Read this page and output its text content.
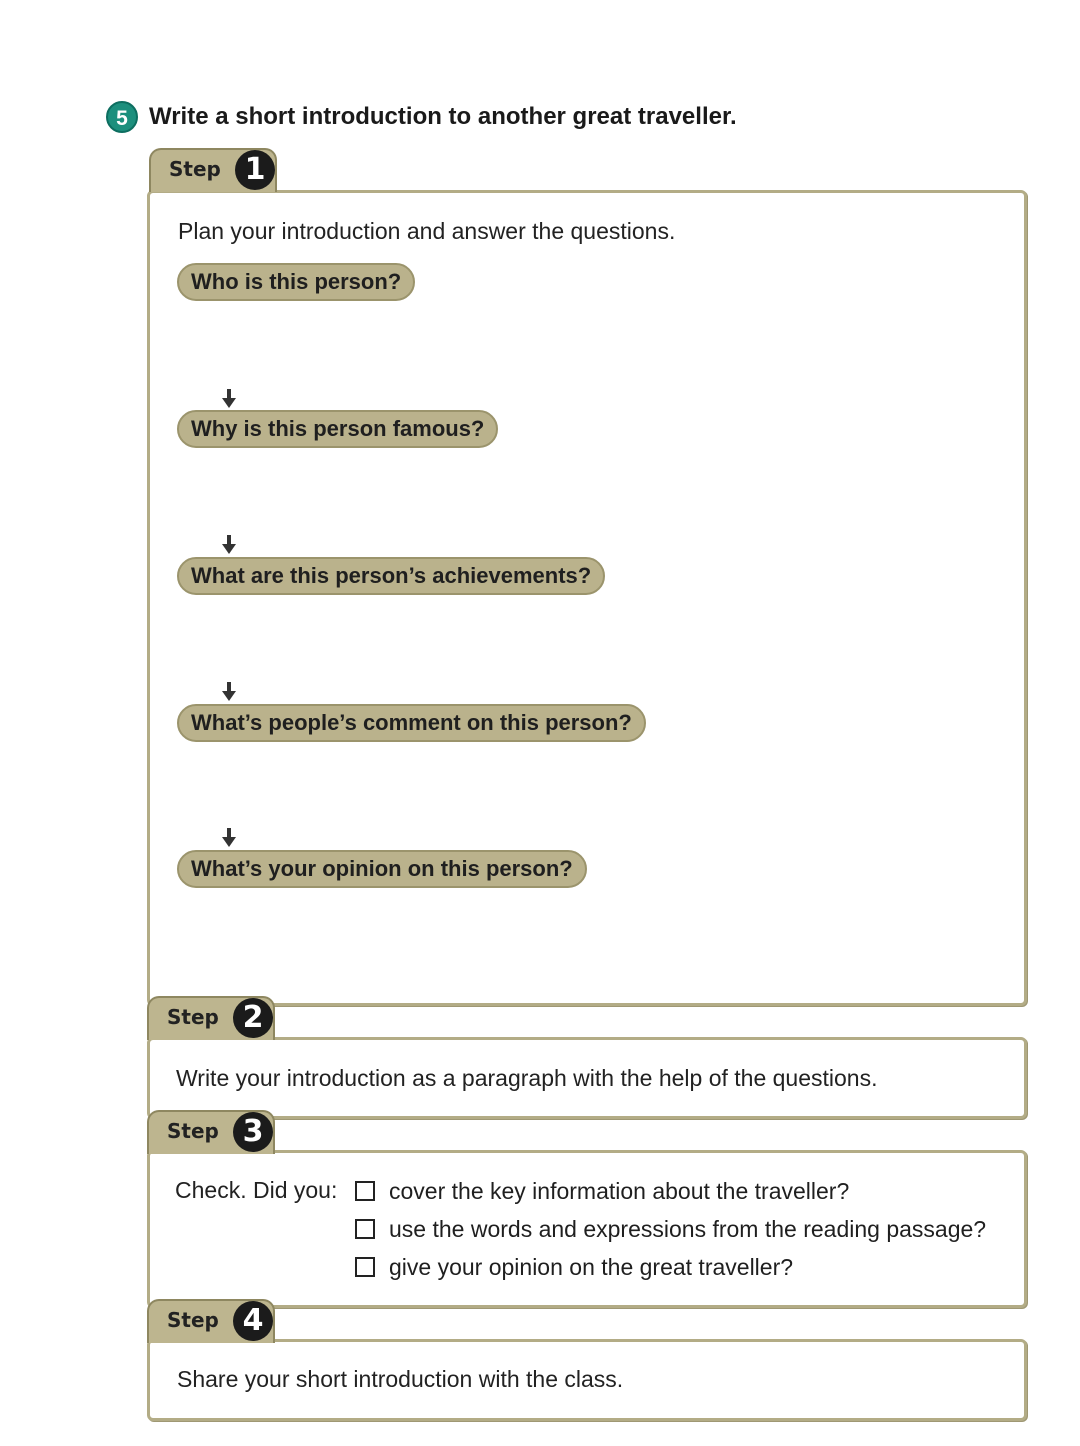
5 Write a short introduction to another great traveller.
Step 1
Plan your introduction and answer the questions.
Who is this person?
Why is this person famous?
What are this person’s achievements?
What’s people’s comment on this person?
What’s your opinion on this person?
Step 2
Write your introduction as a paragraph with the help of the questions.
Step 3
Check. Did you:	cover the key information about the traveller?
use the words and expressions from the reading passage?
give your opinion on the great traveller?
Step 4
Share your short introduction with the class.
